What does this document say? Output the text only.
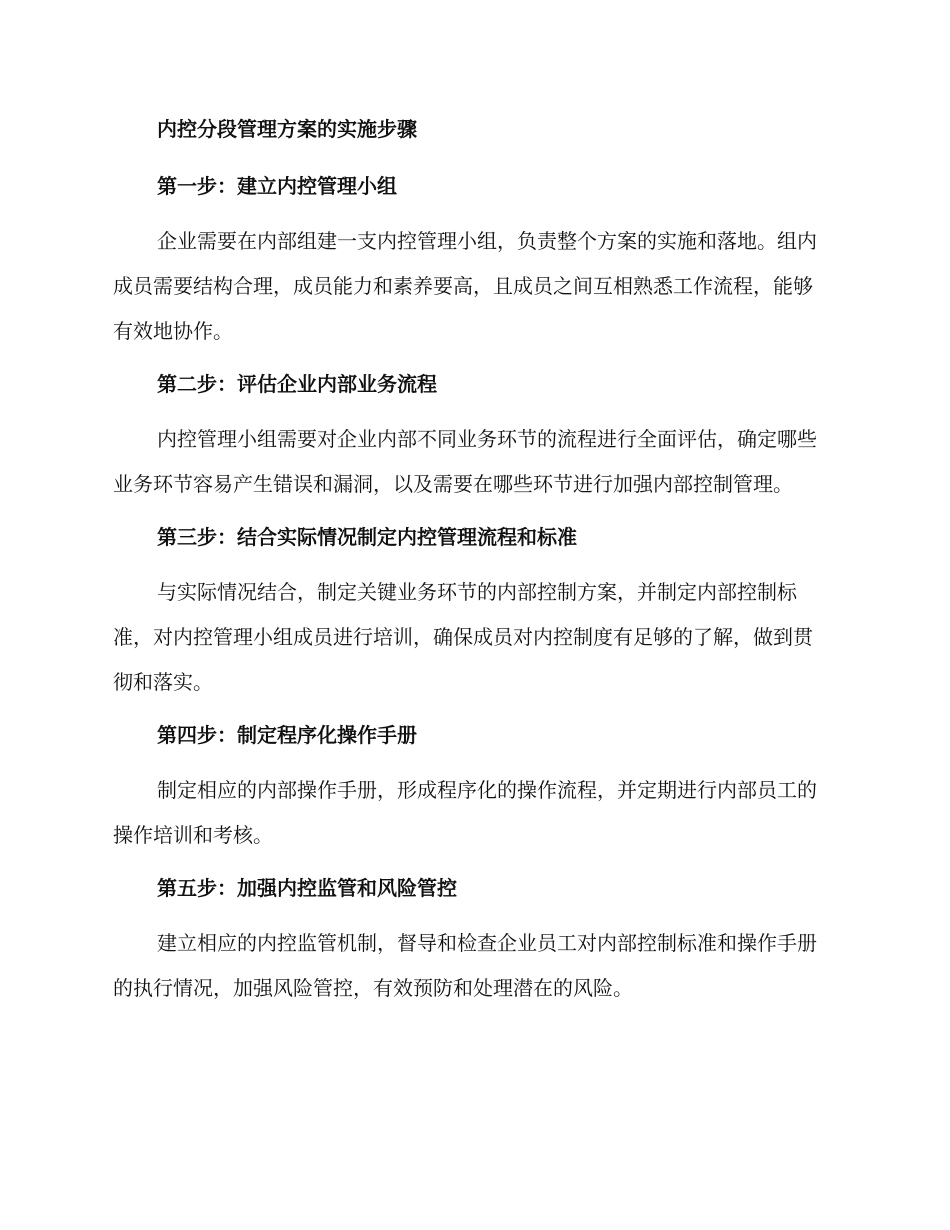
内控分段管理方案的实施步骤
第一步：建立内控管理小组

企业需要在内部组建一支内控管理小组，负责整个方案的实施和落地。组内成员需要结构合理，成员能力和素养要高，且成员之间互相熟悉工作流程，能够有效地协作。

第二步：评估企业内部业务流程

内控管理小组需要对企业内部不同业务环节的流程进行全面评估，确定哪些业务环节容易产生错误和漏洞，以及需要在哪些环节进行加强内部控制管理。

第三步：结合实际情况制定内控管理流程和标准

与实际情况结合，制定关键业务环节的内部控制方案，并制定内部控制标准，对内控管理小组成员进行培训，确保成员对内控制度有足够的了解，做到贯彻和落实。

第四步：制定程序化操作手册

制定相应的内部操作手册，形成程序化的操作流程，并定期进行内部员工的操作培训和考核。

第五步：加强内控监管和风险管控

建立相应的内控监管机制，督导和检查企业员工对内部控制标准和操作手册的执行情况，加强风险管控，有效预防和处理潜在的风险。
